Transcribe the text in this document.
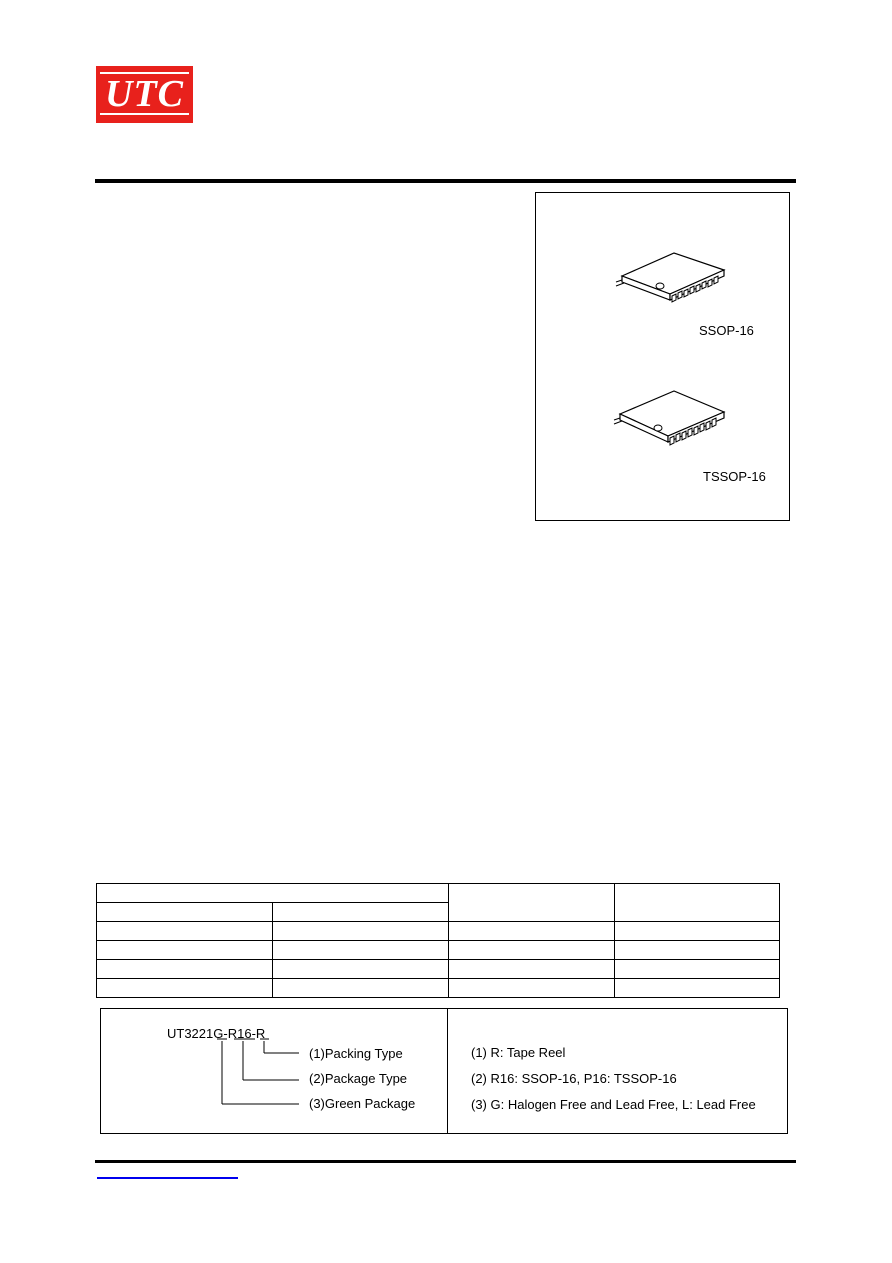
UTC
SSOP-16
TSSOP-16
UT3221G-R16-R
(1)Packing Type
(2)Package Type
(3)Green Package
(1) R: Tape Reel
(2) R16: SSOP-16, P16: TSSOP-16
(3) G: Halogen Free and Lead Free, L: Lead Free
